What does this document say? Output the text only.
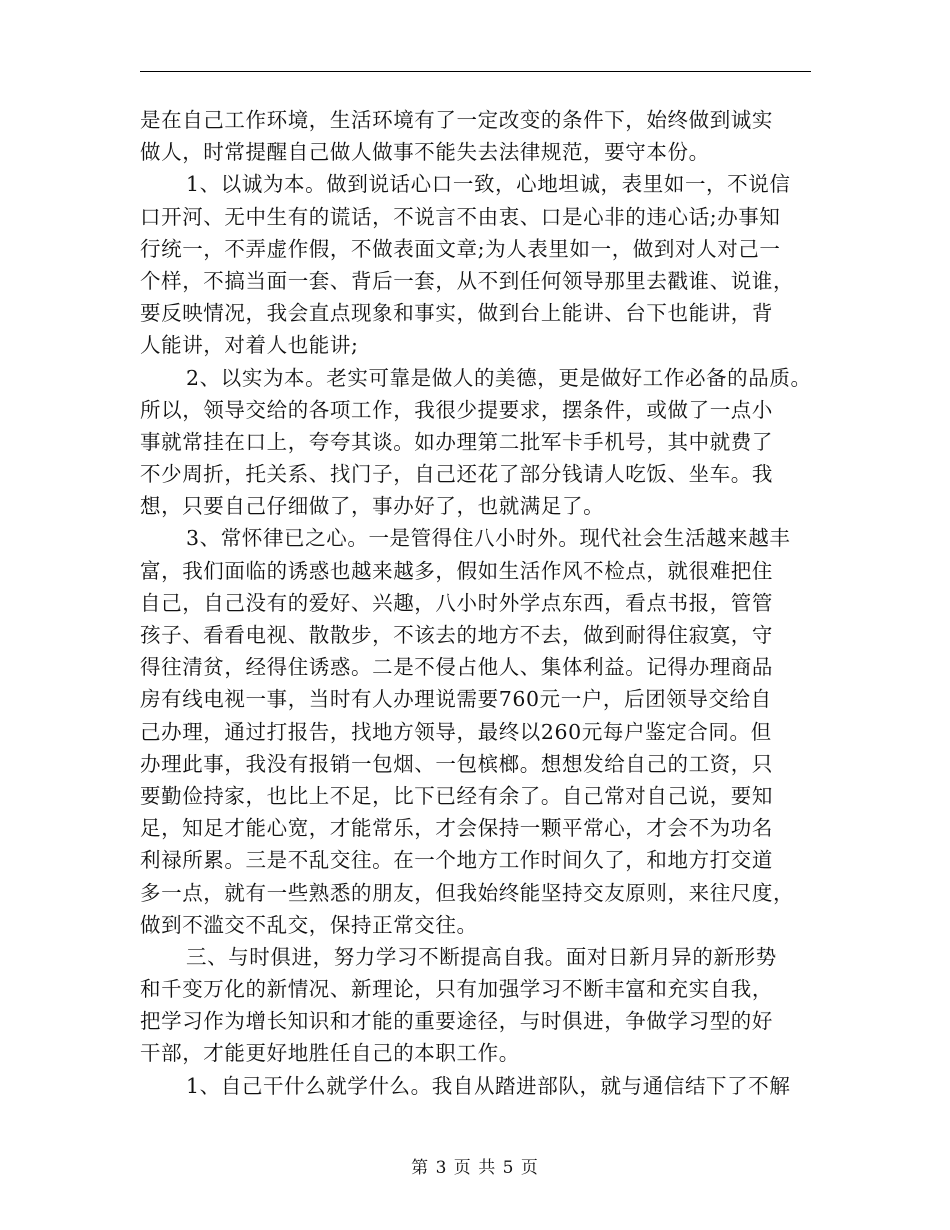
是在自己工作环境，生活环境有了一定改变的条件下，始终做到诚实
做人，时常提醒自己做人做事不能失去法律规范，要守本份。
1、以诚为本。做到说话心口一致，心地坦诚，表里如一，不说信
口开河、无中生有的谎话，不说言不由衷、口是心非的违心话;办事知
行统一，不弄虚作假，不做表面文章;为人表里如一，做到对人对己一
个样，不搞当面一套、背后一套，从不到任何领导那里去戳谁、说谁，
要反映情况，我会直点现象和事实，做到台上能讲、台下也能讲，背
人能讲，对着人也能讲;
2、以实为本。老实可靠是做人的美德，更是做好工作必备的品质。
所以，领导交给的各项工作，我很少提要求，摆条件，或做了一点小
事就常挂在口上，夸夸其谈。如办理第二批军卡手机号，其中就费了
不少周折，托关系、找门子，自己还花了部分钱请人吃饭、坐车。我
想，只要自己仔细做了，事办好了，也就满足了。
3、常怀律已之心。一是管得住八小时外。现代社会生活越来越丰
富，我们面临的诱惑也越来越多，假如生活作风不检点，就很难把住
自己，自己没有的爱好、兴趣，八小时外学点东西，看点书报，管管
孩子、看看电视、散散步，不该去的地方不去，做到耐得住寂寞，守
得往清贫，经得住诱惑。二是不侵占他人、集体利益。记得办理商品
房有线电视一事，当时有人办理说需要760元一户，后团领导交给自
己办理，通过打报告，找地方领导，最终以260元每户鉴定合同。但
办理此事，我没有报销一包烟、一包槟榔。想想发给自己的工资，只
要勤俭持家，也比上不足，比下已经有余了。自己常对自己说，要知
足，知足才能心宽，才能常乐，才会保持一颗平常心，才会不为功名
利禄所累。三是不乱交往。在一个地方工作时间久了，和地方打交道
多一点，就有一些熟悉的朋友，但我始终能坚持交友原则，来往尺度，
做到不滥交不乱交，保持正常交往。
三、与时俱进，努力学习不断提高自我。面对日新月异的新形势
和千变万化的新情况、新理论，只有加强学习不断丰富和充实自我，
把学习作为增长知识和才能的重要途径，与时俱进，争做学习型的好
干部，才能更好地胜任自己的本职工作。
1、自己干什么就学什么。我自从踏进部队，就与通信结下了不解
第 3 页 共 5 页
